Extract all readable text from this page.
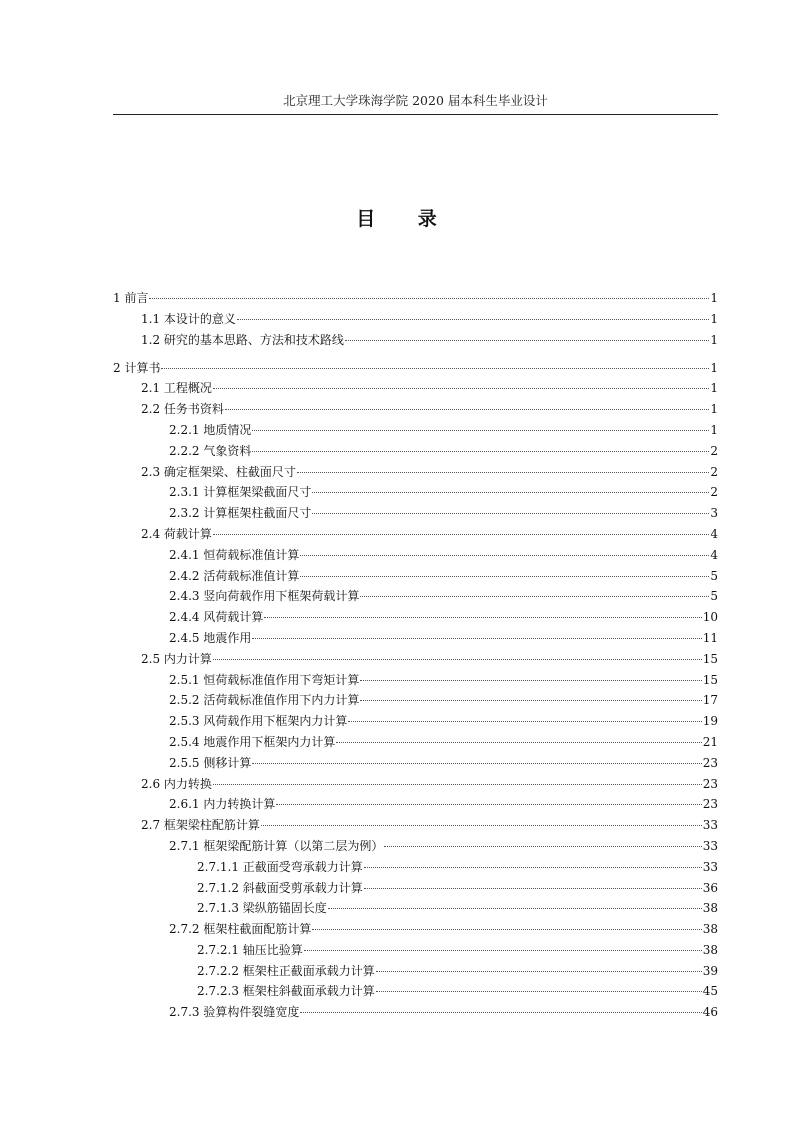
北京理工大学珠海学院 2020 届本科生毕业设计
目 录
1 前言	1
1.1 本设计的意义	1
1.2 研究的基本思路、方法和技术路线	1
2 计算书	1
2.1 工程概况	1
2.2 任务书资料	1
2.2.1 地质情况	1
2.2.2 气象资料	2
2.3 确定框架梁、柱截面尺寸	2
2.3.1 计算框架梁截面尺寸	2
2.3.2 计算框架柱截面尺寸	3
2.4 荷载计算	4
2.4.1 恒荷载标准值计算	4
2.4.2 活荷载标准值计算	5
2.4.3 竖向荷载作用下框架荷载计算	5
2.4.4 风荷载计算	10
2.4.5 地震作用	11
2.5 内力计算	15
2.5.1 恒荷载标准值作用下弯矩计算	15
2.5.2 活荷载标准值作用下内力计算	17
2.5.3 风荷载作用下框架内力计算	19
2.5.4 地震作用下框架内力计算	21
2.5.5 侧移计算	23
2.6 内力转换	23
2.6.1 内力转换计算	23
2.7 框架梁柱配筋计算	33
2.7.1 框架梁配筋计算（以第二层为例）	33
2.7.1.1 正截面受弯承载力计算	33
2.7.1.2 斜截面受剪承载力计算	36
2.7.1.3 梁纵筋锚固长度	38
2.7.2 框架柱截面配筋计算	38
2.7.2.1 轴压比验算	38
2.7.2.2 框架柱正截面承载力计算	39
2.7.2.3 框架柱斜截面承载力计算	45
2.7.3 验算构件裂缝宽度	46
